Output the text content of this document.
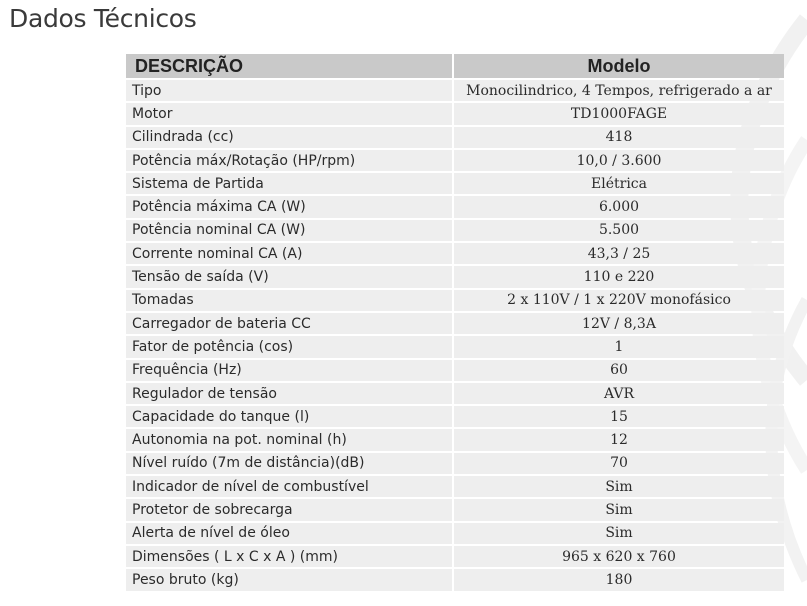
Dados Técnicos
DESCRIÇÃO	Modelo
Tipo	Monocilindrico, 4 Tempos, refrigerado a ar
Motor	TD1000FAGE
Cilindrada (cc)	418
Potência máx/Rotação (HP/rpm)	10,0 / 3.600
Sistema de Partida	Elétrica
Potência máxima CA (W)	6.000
Potência nominal CA (W)	5.500
Corrente nominal CA (A)	43,3 / 25
Tensão de saída (V)	110 e 220
Tomadas	2 x 110V / 1 x 220V monofásico
Carregador de bateria CC	12V / 8,3A
Fator de potência (cos)	1
Frequência (Hz)	60
Regulador de tensão	AVR
Capacidade do tanque (l)	15
Autonomia na pot. nominal (h)	12
Nível ruído (7m de distância)(dB)	70
Indicador de nível de combustível	Sim
Protetor de sobrecarga	Sim
Alerta de nível de óleo	Sim
Dimensões ( L x C x A ) (mm)	965 x 620 x 760
Peso bruto (kg)	180
